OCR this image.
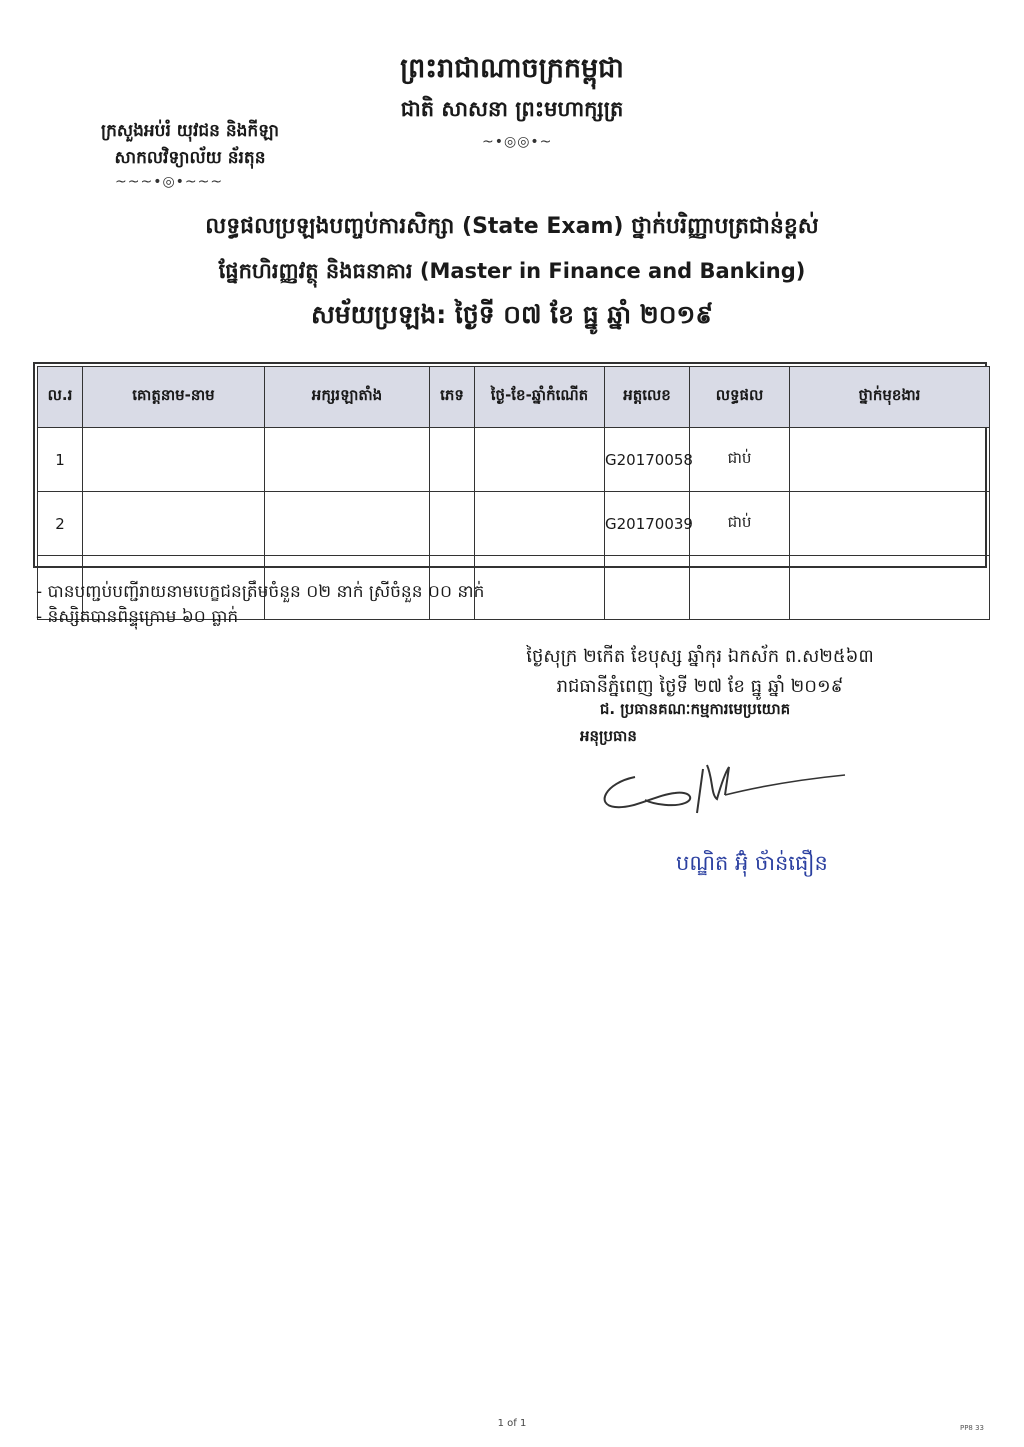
ព្រះរាជាណាចក្រកម្ពុជា
ជាតិ សាសនា ព្រះមហាក្សត្រ
~•◎◎•~
ក្រសួងអប់រំ យុវជន និងកីឡា
សាកលវិទ្យាល័យ ន័រតុន
~~~•◎•~~~
លទ្ធផលប្រឡងបញ្ចប់ការសិក្សា (State Exam) ថ្នាក់បរិញ្ញាបត្រជាន់ខ្ពស់
ផ្នែកហិរញ្ញវត្ថុ និងធនាគារ (Master in Finance and Banking)
សម័យប្រឡង: ថ្ងៃទី ០៧ ខែ ធ្នូ ឆ្នាំ ២០១៩
ល.រ	គោត្តនាម-នាម	អក្សរឡាតាំង	ភេទ	ថ្ងៃ-ខែ-ឆ្នាំកំណើត	អត្តលេខ	លទ្ធផល	ថ្នាក់មុខងារ
1					G20170058	ជាប់	
2					G20170039	ជាប់	

- បានបញ្ជប់បញ្ជីរាយនាមបេក្ខជនត្រឹមចំនួន ០២ នាក់ ស្រីចំនួន ០០ នាក់
- និស្សិតបានពិន្ទុក្រោម ៦០ ធ្លាក់
ថ្ងៃសុក្រ ២កើត ខែបុស្ស ឆ្នាំកុរ ឯកស័ក ព.ស២៥៦៣
រាជធានីភ្នំពេញ ថ្ងៃទី ២៧ ខែ ធ្នូ ឆ្នាំ ២០១៩
ជ. ប្រធានគណៈកម្មការមេប្រយោគ
អនុប្រធាន
បណ្ឌិត អ៊ុំ ច័ាន់ធឿន
1 of 1	PP8 33
